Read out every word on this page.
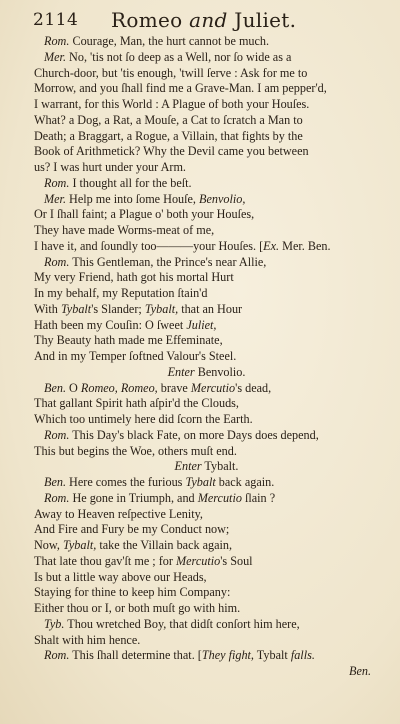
2114 Romeo and Juliet.
Rom. Courage, Man, the hurt cannot be much.
Mer. No, 'tis not ſo deep as a Well, nor ſo wide as a
Church-door, but 'tis enough, 'twill ſerve : Ask for me to
Morrow, and you ſhall find me a Grave-Man. I am pepper'd,
I warrant, for this World : A Plague of both your Houſes.
What? a Dog, a Rat, a Mouſe, a Cat to ſcratch a Man to
Death; a Braggart, a Rogue, a Villain, that fights by the
Book of Arithmetick? Why the Devil came you between
us? I was hurt under your Arm.
Rom. I thought all for the beſt.
Mer. Help me into ſome Houſe, Benvolio,
Or I ſhall faint; a Plague o' both your Houſes,
They have made Worms-meat of me,
I have it, and ſoundly too———your Houſes. [Ex. Mer. Ben.
Rom. This Gentleman, the Prince's near Allie,
My very Friend, hath got his mortal Hurt
In my behalf, my Reputation ſtain'd
With Tybalt's Slander; Tybalt, that an Hour
Hath been my Couſin: O ſweet Juliet,
Thy Beauty hath made me Effeminate,
And in my Temper ſoftned Valour's Steel.
Enter Benvolio.
Ben. O Romeo, Romeo, brave Mercutio's dead,
That gallant Spirit hath aſpir'd the Clouds,
Which too untimely here did ſcorn the Earth.
Rom. This Day's black Fate, on more Days does depend,
This but begins the Woe, others muſt end.
Enter Tybalt.
Ben. Here comes the furious Tybalt back again.
Rom. He gone in Triumph, and Mercutio ſlain ?
Away to Heaven reſpective Lenity,
And Fire and Fury be my Conduct now;
Now, Tybalt, take the Villain back again,
That late thou gav'ſt me ; for Mercutio's Soul
Is but a little way above our Heads,
Staying for thine to keep him Company:
Either thou or I, or both muſt go with him.
Tyb. Thou wretched Boy, that didſt conſort him here,
Shalt with him hence.
Rom. This ſhall determine that. [They fight, Tybalt falls.
Ben.
